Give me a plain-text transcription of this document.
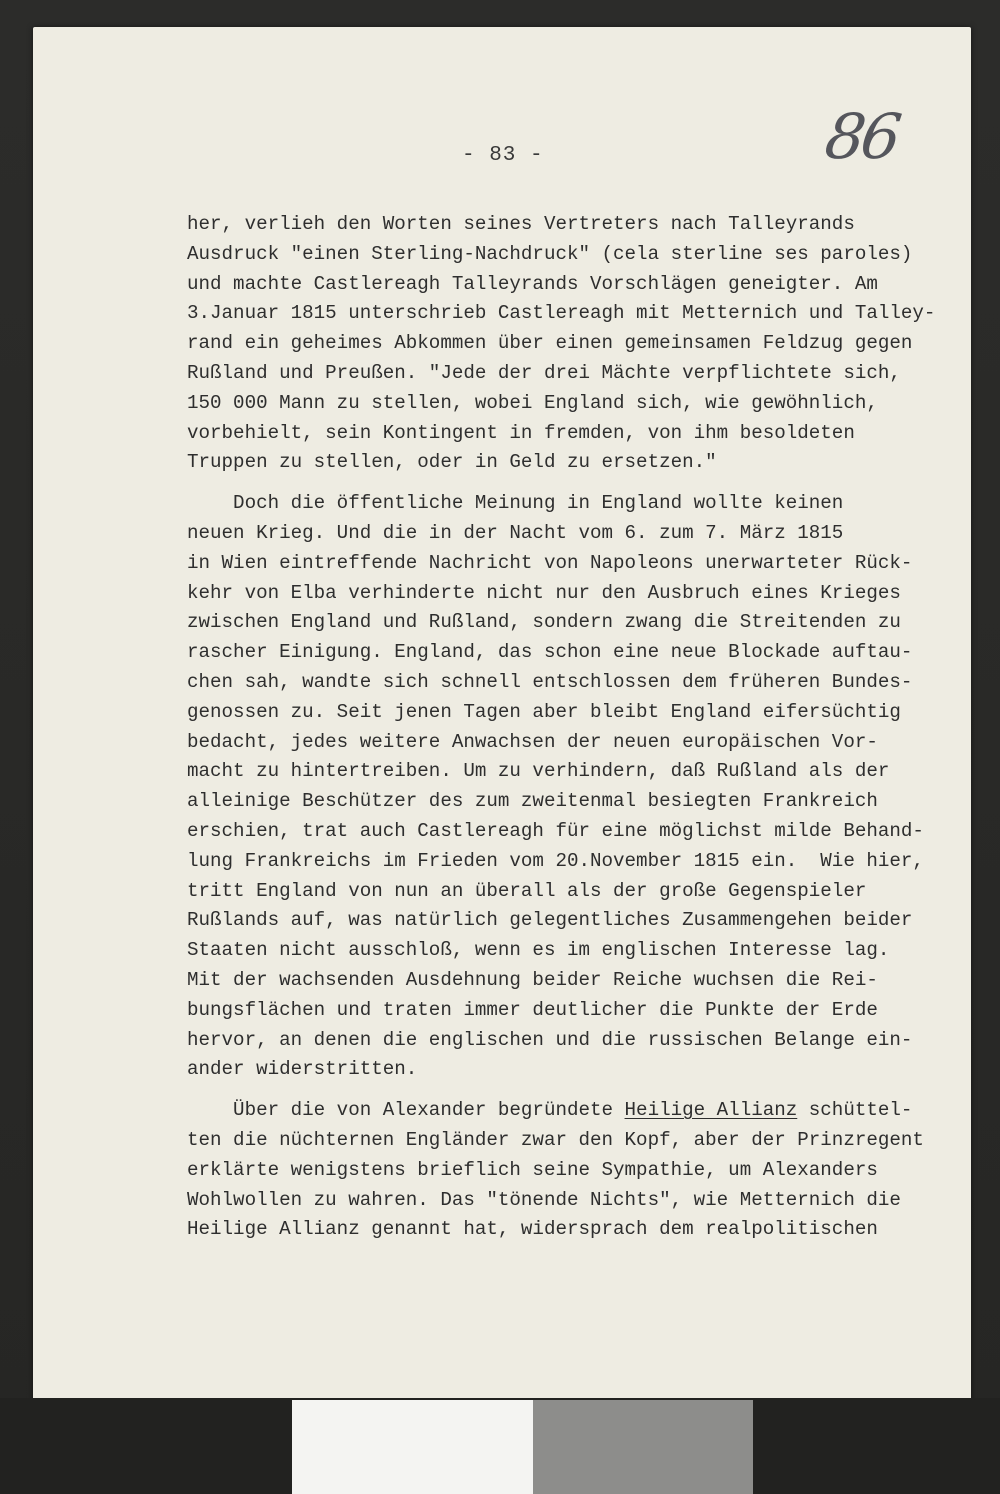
- 83 -	86
her, verlieh den Worten seines Vertreters nach Talleyrands
Ausdruck "einen Sterling-Nachdruck" (cela sterline ses paroles)
und machte Castlereagh Talleyrands Vorschlägen geneigter. Am
3.Januar 1815 unterschrieb Castlereagh mit Metternich und Talley-
rand ein geheimes Abkommen über einen gemeinsamen Feldzug gegen
Rußland und Preußen. "Jede der drei Mächte verpflichtete sich,
150 000 Mann zu stellen, wobei England sich, wie gewöhnlich,
vorbehielt, sein Kontingent in fremden, von ihm besoldeten
Truppen zu stellen, oder in Geld zu ersetzen."
Doch die öffentliche Meinung in England wollte keinen
neuen Krieg. Und die in der Nacht vom 6. zum 7. März 1815
in Wien eintreffende Nachricht von Napoleons unerwarteter Rück-
kehr von Elba verhinderte nicht nur den Ausbruch eines Krieges
zwischen England und Rußland, sondern zwang die Streitenden zu
rascher Einigung. England, das schon eine neue Blockade auftau-
chen sah, wandte sich schnell entschlossen dem früheren Bundes-
genossen zu. Seit jenen Tagen aber bleibt England eifersüchtig
bedacht, jedes weitere Anwachsen der neuen europäischen Vor-
macht zu hintertreiben. Um zu verhindern, daß Rußland als der
alleinige Beschützer des zum zweitenmal besiegten Frankreich
erschien, trat auch Castlereagh für eine möglichst milde Behand-
lung Frankreichs im Frieden vom 20.November 1815 ein.  Wie hier,
tritt England von nun an überall als der große Gegenspieler
Rußlands auf, was natürlich gelegentliches Zusammengehen beider
Staaten nicht ausschloß, wenn es im englischen Interesse lag.
Mit der wachsenden Ausdehnung beider Reiche wuchsen die Rei-
bungsflächen und traten immer deutlicher die Punkte der Erde
hervor, an denen die englischen und die russischen Belange ein-
ander widerstritten.
Über die von Alexander begründete Heilige Allianz schüttel-
ten die nüchternen Engländer zwar den Kopf, aber der Prinzregent
erklärte wenigstens brieflich seine Sympathie, um Alexanders
Wohlwollen zu wahren. Das "tönende Nichts", wie Metternich die
Heilige Allianz genannt hat, widersprach dem realpolitischen
